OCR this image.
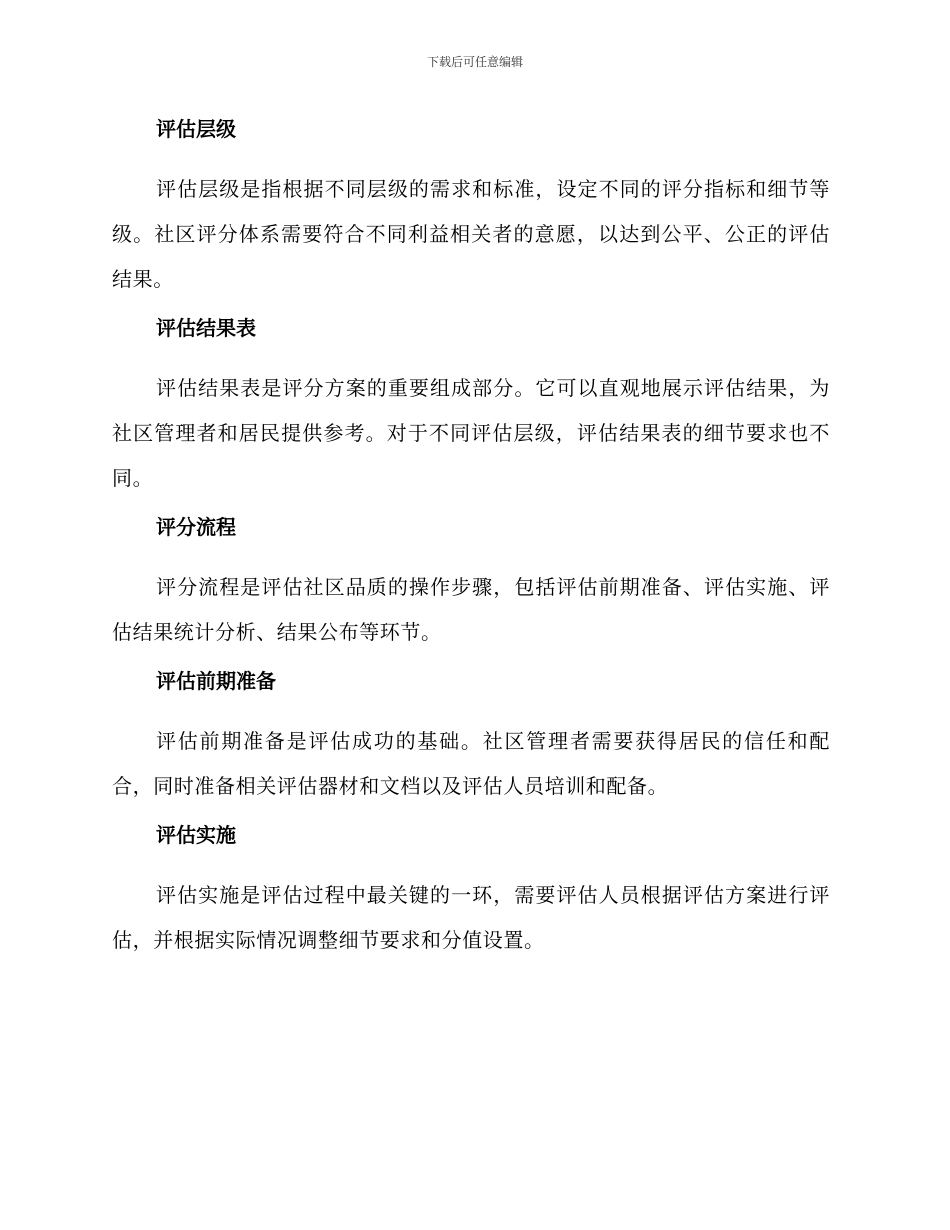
下载后可任意编辑
评估层级

评估层级是指根据不同层级的需求和标准，设定不同的评分指标和细节等级。社区评分体系需要符合不同利益相关者的意愿，以达到公平、公正的评估结果。

评估结果表

评估结果表是评分方案的重要组成部分。它可以直观地展示评估结果，为社区管理者和居民提供参考。对于不同评估层级，评估结果表的细节要求也不同。

评分流程

评分流程是评估社区品质的操作步骤，包括评估前期准备、评估实施、评估结果统计分析、结果公布等环节。

评估前期准备

评估前期准备是评估成功的基础。社区管理者需要获得居民的信任和配合，同时准备相关评估器材和文档以及评估人员培训和配备。

评估实施

评估实施是评估过程中最关键的一环，需要评估人员根据评估方案进行评估，并根据实际情况调整细节要求和分值设置。
